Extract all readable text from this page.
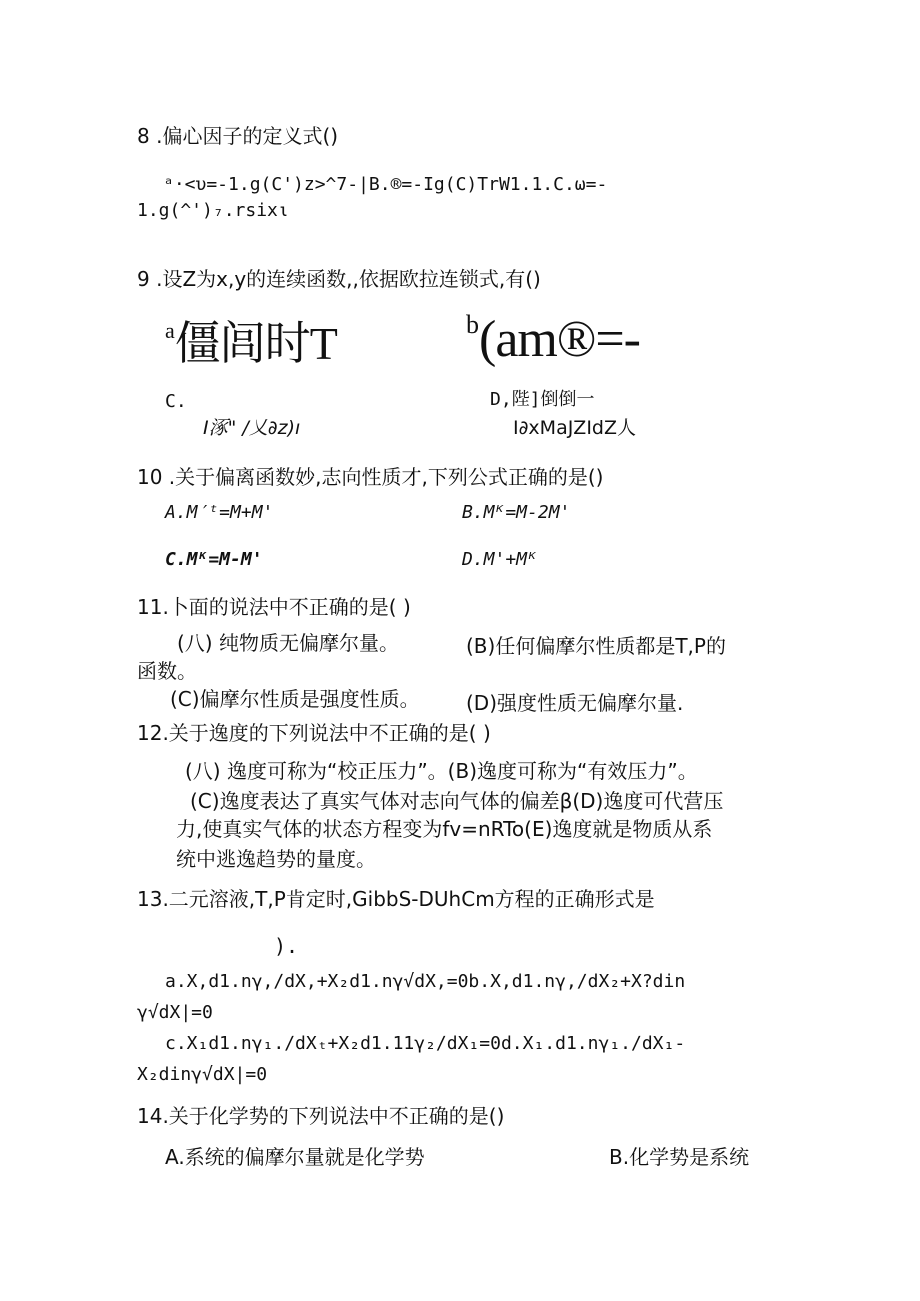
8 .偏心因子的定义式()
ᵃ·<υ=-1.g(C')z>^7-|B.®=-Ig(C)TrW1.1.C.ω=-
1.g(^')₇.rsixι
9 .设Z为x,y的连续函数,,依据欧拉连锁式,有()
a僵闾时T	b(am®=-
C.	D,陛]倒倒一
I涿" /乂∂z)ı	I∂xMaJZIdZ人
10 .关于偏离函数妙,志向性质才,下列公式正确的是()
A.M′ᵗ=M+M'	B.Mᴷ=M-2M'
C.Mᴷ=M-M'	D.M'+Mᴷ
11.卜面的说法中不正确的是( )
(八) 纯物质无偏摩尔量。	(B)任何偏摩尔性质都是T,P的
函数。
(C)偏摩尔性质是强度性质。 (D)强度性质无偏摩尔量.
12.关于逸度的下列说法中不正确的是( )
(八) 逸度可称为“校正压力”。(B)逸度可称为“有效压力”。
(C)逸度表达了真实气体对志向气体的偏差β(D)逸度可代营压
力,使真实气体的状态方程变为fv=nRTo(E)逸度就是物质从系
统中逃逸趋势的量度。
13.二元溶液,T,P肯定时,GibbS-DUhCm方程的正确形式是
).
a.X,d1.nγ,∕dX,+X₂d1.nγ√dX,=0b.X,d1.nγ,∕dX₂+X?din
γ√dX|=0
c.X₁d1.nγ₁.∕dXₜ+X₂d1.11γ₂∕dX₁=0d.X₁.d1.nγ₁.∕dX₁-
X₂dinγ√dX|=0
14.关于化学势的下列说法中不正确的是()
A.系统的偏摩尔量就是化学势	B.化学势是系统
